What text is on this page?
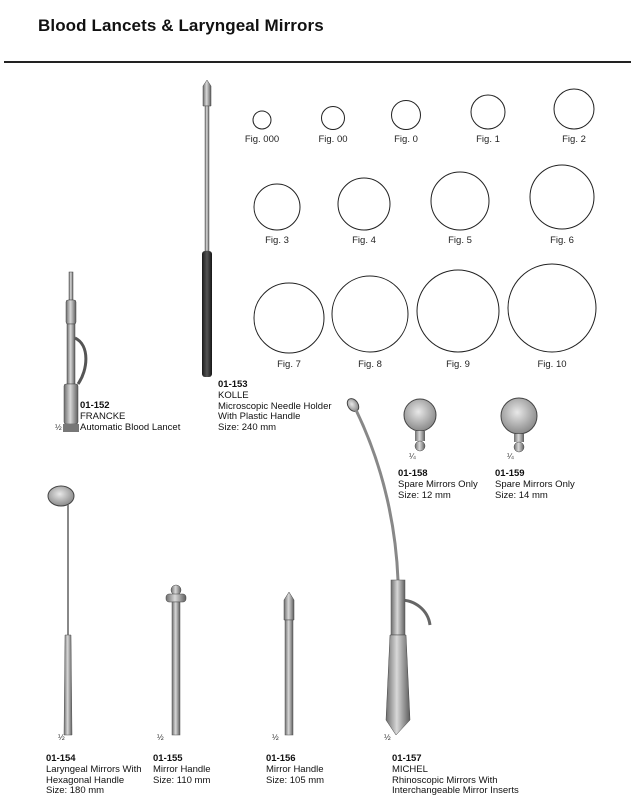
Blood Lancets & Laryngeal Mirrors
Fig. 000	Fig. 00	Fig. 0	Fig. 1	Fig. 2
Fig. 3	Fig. 4	Fig. 5	Fig. 6
Fig. 7	Fig. 8	Fig. 9	Fig. 10
½
01-152
FRANCKE
Automatic Blood Lancet
01-153
KOLLE
Microscopic Needle Holder
With Plastic Handle
Size: 240 mm
¼
01-158
Spare Mirrors Only
Size: 12 mm
¼
01-159
Spare Mirrors Only
Size: 14 mm
½
01-154
Laryngeal Mirrors With
Hexagonal Handle
Size: 180 mm
½
01-155
Mirror Handle
Size: 110 mm
½
01-156
Mirror Handle
Size: 105 mm
½
01-157
MICHEL
Rhinoscopic Mirrors With
Interchangeable Mirror Inserts
